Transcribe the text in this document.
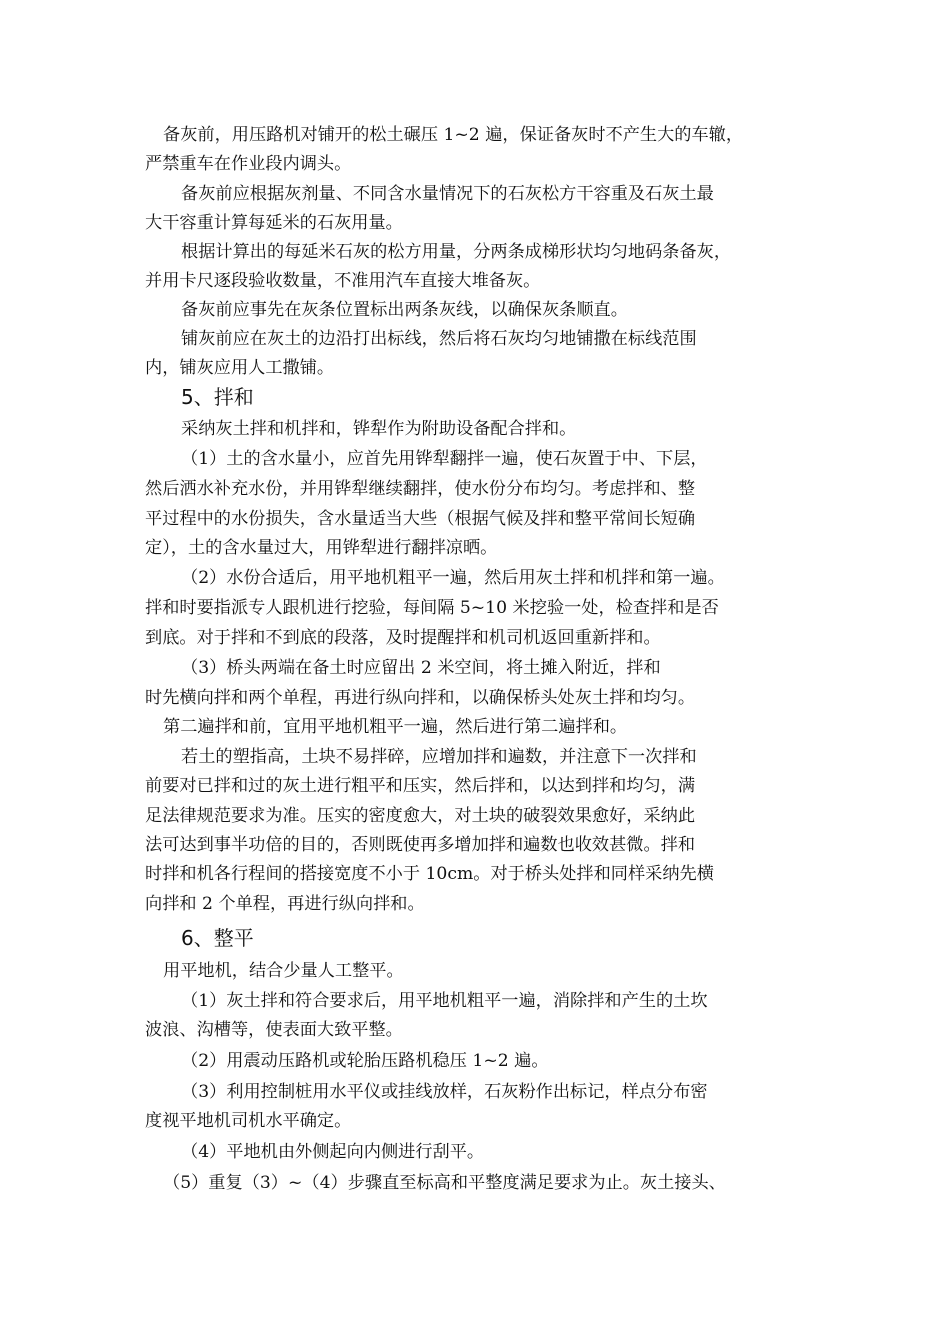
备灰前，用压路机对铺开的松土碾压 1~2 遍，保证备灰时不产生大的车辙，

严禁重车在作业段内调头。

备灰前应根据灰剂量、不同含水量情况下的石灰松方干容重及石灰土最

大干容重计算每延米的石灰用量。

根据计算出的每延米石灰的松方用量，分两条成梯形状均匀地码条备灰，

并用卡尺逐段验收数量，不准用汽车直接大堆备灰。

备灰前应事先在灰条位置标出两条灰线，以确保灰条顺直。

铺灰前应在灰土的边沿打出标线，然后将石灰均匀地铺撒在标线范围

内，铺灰应用人工撒铺。

5、拌和

采纳灰土拌和机拌和，铧犁作为附助设备配合拌和。

（1）土的含水量小，应首先用铧犁翻拌一遍，使石灰置于中、下层，

然后洒水补充水份，并用铧犁继续翻拌，使水份分布均匀。考虑拌和、整

平过程中的水份损失，含水量适当大些（根据气候及拌和整平常间长短确

定），土的含水量过大，用铧犁进行翻拌凉晒。

（2）水份合适后，用平地机粗平一遍，然后用灰土拌和机拌和第一遍。

拌和时要指派专人跟机进行挖验，每间隔 5~10 米挖验一处，检查拌和是否

到底。对于拌和不到底的段落，及时提醒拌和机司机返回重新拌和。

（3）桥头两端在备土时应留出 2 米空间，将土摊入附近，拌和

时先横向拌和两个单程，再进行纵向拌和，以确保桥头处灰土拌和均匀。

第二遍拌和前，宜用平地机粗平一遍，然后进行第二遍拌和。

若土的塑指高，土块不易拌碎，应增加拌和遍数，并注意下一次拌和

前要对已拌和过的灰土进行粗平和压实，然后拌和，以达到拌和均匀，满

足法律规范要求为准。压实的密度愈大，对土块的破裂效果愈好，采纳此

法可达到事半功倍的目的，否则既使再多增加拌和遍数也收效甚微。拌和

时拌和机各行程间的搭接宽度不小于 10cm。对于桥头处拌和同样采纳先横

向拌和 2 个单程，再进行纵向拌和。

6、整平

用平地机，结合少量人工整平。

（1）灰土拌和符合要求后，用平地机粗平一遍，消除拌和产生的土坎

波浪、沟槽等，使表面大致平整。

（2）用震动压路机或轮胎压路机稳压 1~2 遍。

（3）利用控制桩用水平仪或挂线放样，石灰粉作出标记，样点分布密

度视平地机司机水平确定。

（4）平地机由外侧起向内侧进行刮平。

（5）重复（3）~（4）步骤直至标高和平整度满足要求为止。灰土接头、
